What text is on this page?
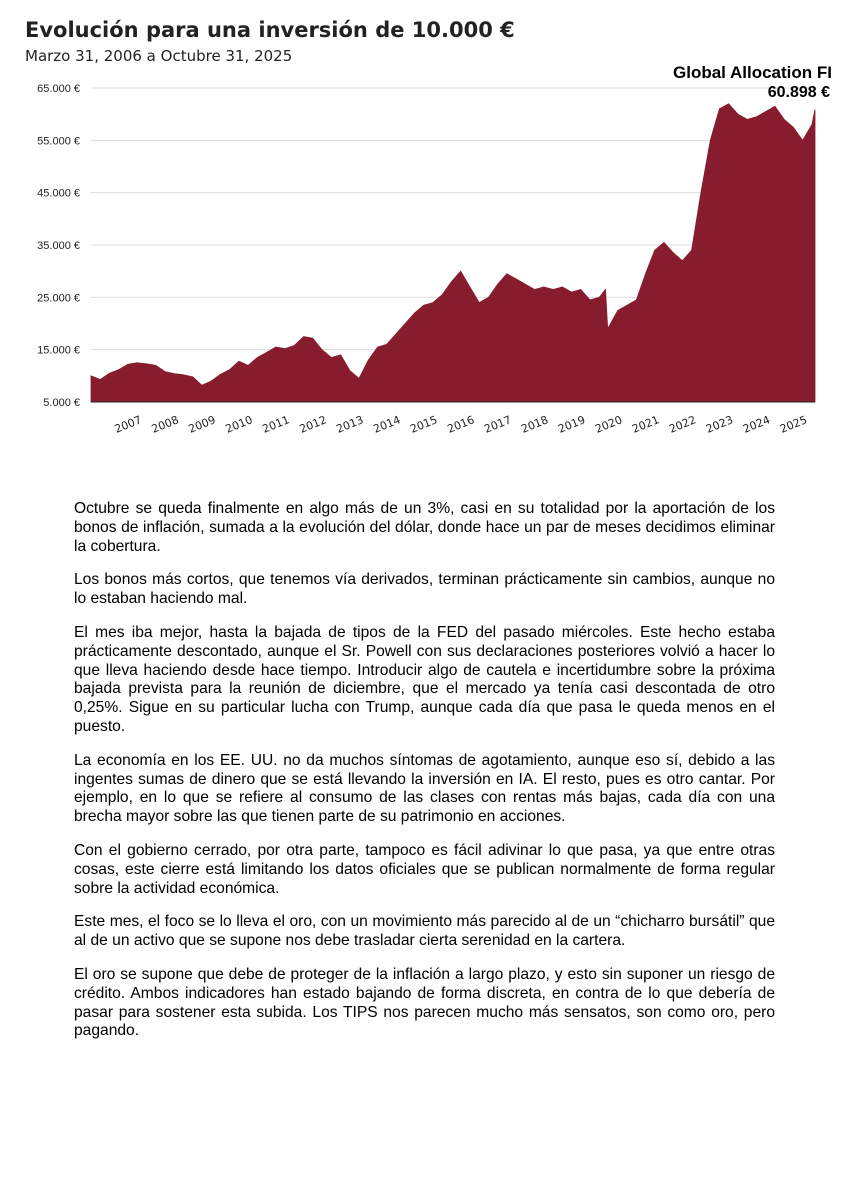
Evolución para una inversión de 10.000 €
Marzo 31, 2006 a Octubre 31, 2025
5.000 €
15.000 €
25.000 €
35.000 €
45.000 €
55.000 €
65.000 €
2007 2008 2009 2010 2011 2012 2013 2014 2015 2016 2017 2018 2019 2020 2021 2022 2023 2024 2025
Global Allocation FI
60.898 €

Octubre se queda finalmente en algo más de un 3%, casi en su totalidad por la aportación de los bonos de inflación, sumada a la evolución del dólar, donde hace un par de meses decidimos eliminar la cobertura.

Los bonos más cortos, que tenemos vía derivados, terminan prácticamente sin cambios, aunque no lo estaban haciendo mal.

El mes iba mejor, hasta la bajada de tipos de la FED del pasado miércoles. Este hecho estaba prácticamente descontado, aunque el Sr. Powell con sus declaraciones posteriores volvió a hacer lo que lleva haciendo desde hace tiempo. Introducir algo de cautela e incertidumbre sobre la próxima bajada prevista para la reunión de diciembre, que el mercado ya tenía casi descontada de otro 0,25%. Sigue en su particular lucha con Trump, aunque cada día que pasa le queda menos en el puesto.

La economía en los EE. UU. no da muchos síntomas de agotamiento, aunque eso sí, debido a las ingentes sumas de dinero que se está llevando la inversión en IA. El resto, pues es otro cantar. Por ejemplo, en lo que se refiere al consumo de las clases con rentas más bajas, cada día con una brecha mayor sobre las que tienen parte de su patrimonio en acciones.

Con el gobierno cerrado, por otra parte, tampoco es fácil adivinar lo que pasa, ya que entre otras cosas, este cierre está limitando los datos oficiales que se publican normalmente de forma regular sobre la actividad económica.

Este mes, el foco se lo lleva el oro, con un movimiento más parecido al de un “chicharro bursátil” que al de un activo que se supone nos debe trasladar cierta serenidad en la cartera.

El oro se supone que debe de proteger de la inflación a largo plazo, y esto sin suponer un riesgo de crédito. Ambos indicadores han estado bajando de forma discreta, en contra de lo que debería de pasar para sostener esta subida. Los TIPS nos parecen mucho más sensatos, son como oro, pero pagando.
